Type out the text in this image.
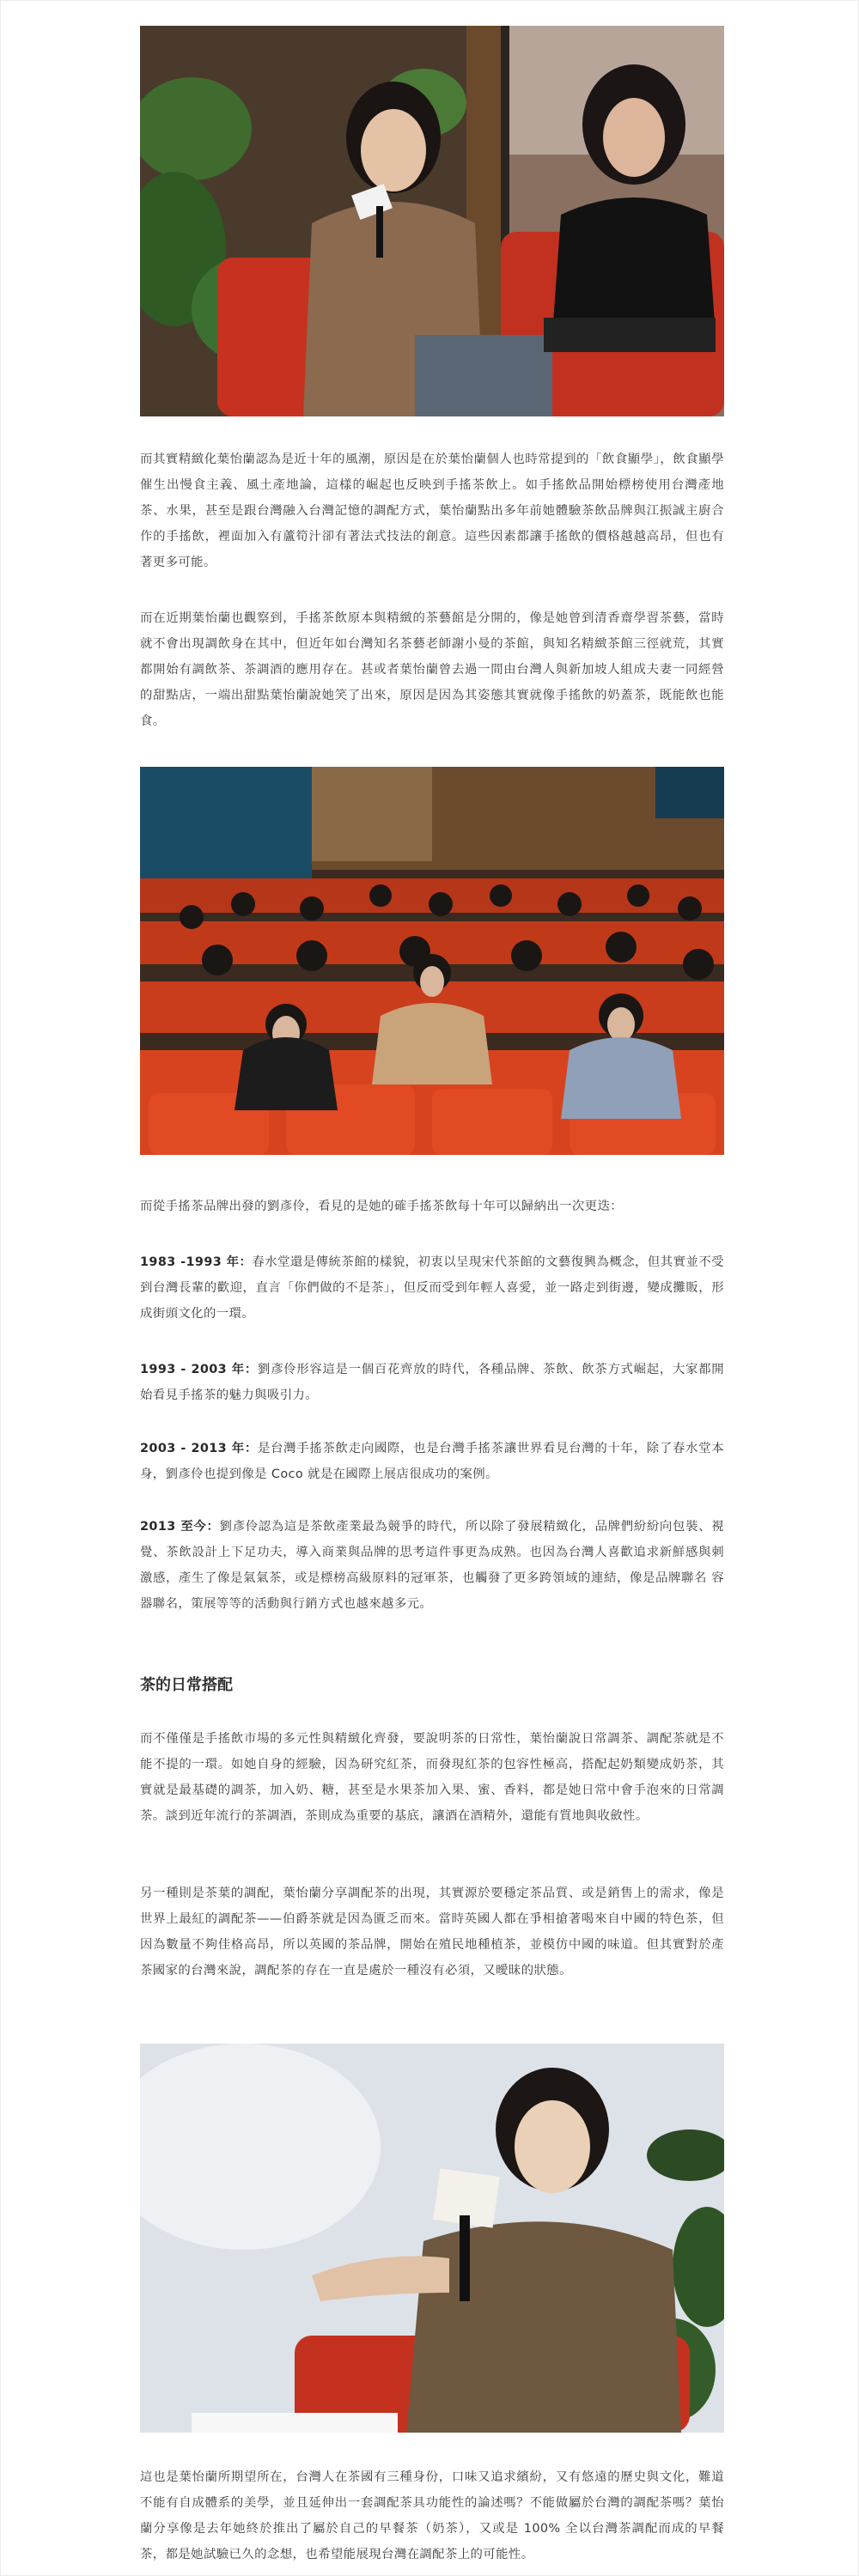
而其實精緻化葉怡蘭認為是近十年的風潮，原因是在於葉怡蘭個人也時常提到的「飲食顯學」，飲食顯學催生出慢食主義、風土產地論，這樣的崛起也反映到手搖茶飲上。如手搖飲品開始標榜使用台灣產地茶、水果，甚至是跟台灣融入台灣記憶的調配方式，葉怡蘭點出多年前她體驗茶飲品牌與江振誠主廚合作的手搖飲，裡面加入有蘆筍汁卻有著法式技法的創意。這些因素都讓手搖飲的價格越越高昂，但也有著更多可能。

而在近期葉怡蘭也觀察到，手搖茶飲原本與精緻的茶藝館是分開的，像是她曾到清香齋學習茶藝，當時就不會出現調飲身在其中，但近年如台灣知名茶藝老師謝小曼的茶館，與知名精緻茶館三徑就荒，其實都開始有調飲茶、茶調酒的應用存在。甚或者葉怡蘭曾去過一間由台灣人與新加坡人組成夫妻一同經營的甜點店，一端出甜點葉怡蘭說她笑了出來，原因是因為其姿態其實就像手搖飲的奶蓋茶，既能飲也能食。

而從手搖茶品牌出發的劉彥伶，看見的是她的確手搖茶飲每十年可以歸納出一次更迭：

1983 -1993 年：春水堂還是傳統茶館的樣貌，初衷以呈現宋代茶館的文藝復興為概念，但其實並不受到台灣長輩的歡迎，直言「你們做的不是茶」，但反而受到年輕人喜愛，並一路走到街邊，變成攤販，形成街頭文化的一環。

1993 - 2003 年：劉彥伶形容這是一個百花齊放的時代，各種品牌、茶飲、飲茶方式崛起，大家都開始看見手搖茶的魅力與吸引力。

2003 - 2013 年：是台灣手搖茶飲走向國際，也是台灣手搖茶讓世界看見台灣的十年，除了春水堂本身，劉彥伶也提到像是 Coco 就是在國際上展店很成功的案例。

2013 至今：劉彥伶認為這是茶飲產業最為競爭的時代，所以除了發展精緻化，品牌們紛紛向包裝、視覺、茶飲設計上下足功夫，導入商業與品牌的思考這件事更為成熟。也因為台灣人喜歡追求新鮮感與刺激感，產生了像是氣氣茶，或是標榜高級原料的冠軍茶，也觸發了更多跨領域的連結，像是品牌聯名 容器聯名，策展等等的活動與行銷方式也越來越多元。

茶的日常搭配

而不僅僅是手搖飲市場的多元性與精緻化齊發，要說明茶的日常性，葉怡蘭說日常調茶、調配茶就是不能不提的一環。如她自身的經驗，因為研究紅茶，而發現紅茶的包容性極高，搭配起奶類變成奶茶，其實就是最基礎的調茶，加入奶、糖，甚至是水果茶加入果、蜜、香料，都是她日常中會手泡來的日常調茶。談到近年流行的茶調酒，茶則成為重要的基底，讓酒在酒精外，還能有質地與收斂性。

另一種則是茶葉的調配，葉怡蘭分享調配茶的出現，其實源於要穩定茶品質、或是銷售上的需求，像是世界上最紅的調配茶——伯爵茶就是因為匱乏而來。當時英國人都在爭相搶著喝來自中國的特色茶，但因為數量不夠佳格高昂，所以英國的茶品牌，開始在殖民地種植茶，並模仿中國的味道。但其實對於產茶國家的台灣來說，調配茶的存在一直是處於一種沒有必須，又曖昧的狀態。

這也是葉怡蘭所期望所在，台灣人在茶國有三種身份，口味又追求繽紛，又有悠遠的歷史與文化，難道不能有自成體系的美學，並且延伸出一套調配茶具功能性的論述嗎？不能做屬於台灣的調配茶嗎？葉怡蘭分享像是去年她終於推出了屬於自己的早餐茶（奶茶），又或是 100% 全以台灣茶調配而成的早餐茶，都是她試驗已久的念想，也希望能展現台灣在調配茶上的可能性。
